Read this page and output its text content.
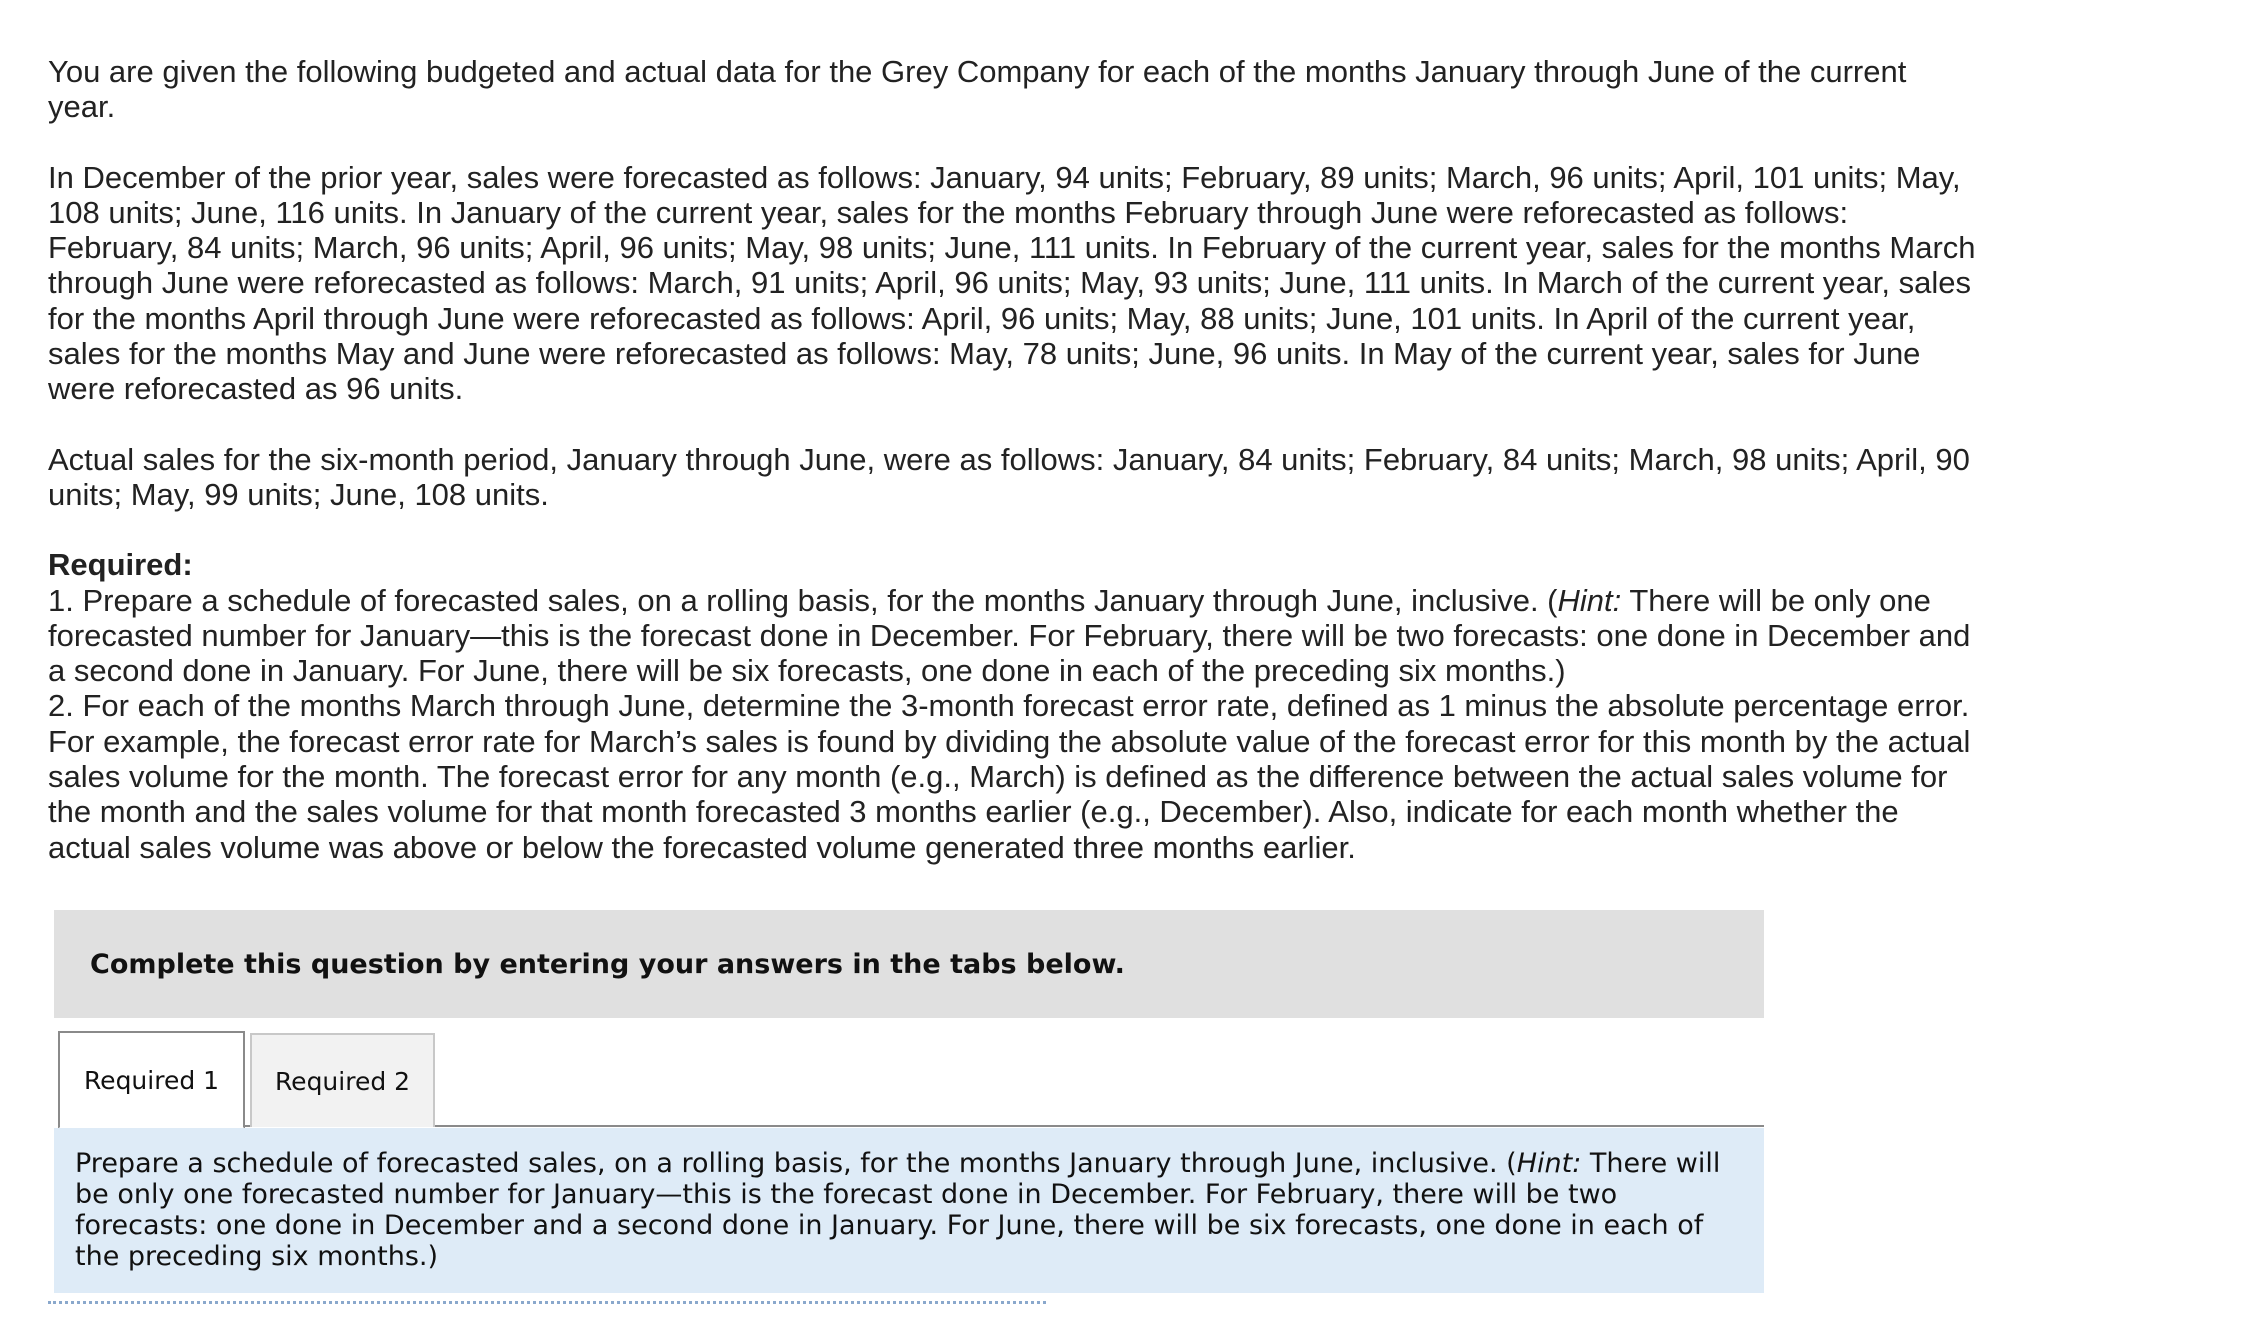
You are given the following budgeted and actual data for the Grey Company for each of the months January through June of the current year.

In December of the prior year, sales were forecasted as follows: January, 94 units; February, 89 units; March, 96 units; April, 101 units; May, 108 units; June, 116 units. In January of the current year, sales for the months February through June were reforecasted as follows: February, 84 units; March, 96 units; April, 96 units; May, 98 units; June, 111 units. In February of the current year, sales for the months March through June were reforecasted as follows: March, 91 units; April, 96 units; May, 93 units; June, 111 units. In March of the current year, sales for the months April through June were reforecasted as follows: April, 96 units; May, 88 units; June, 101 units. In April of the current year, sales for the months May and June were reforecasted as follows: May, 78 units; June, 96 units. In May of the current year, sales for June were reforecasted as 96 units.

Actual sales for the six-month period, January through June, were as follows: January, 84 units; February, 84 units; March, 98 units; April, 90 units; May, 99 units; June, 108 units.

Required:
1. Prepare a schedule of forecasted sales, on a rolling basis, for the months January through June, inclusive. (Hint: There will be only one forecasted number for January—this is the forecast done in December. For February, there will be two forecasts: one done in December and a second done in January. For June, there will be six forecasts, one done in each of the preceding six months.)
2. For each of the months March through June, determine the 3-month forecast error rate, defined as 1 minus the absolute percentage error. For example, the forecast error rate for March’s sales is found by dividing the absolute value of the forecast error for this month by the actual sales volume for the month. The forecast error for any month (e.g., March) is defined as the difference between the actual sales volume for the month and the sales volume for that month forecasted 3 months earlier (e.g., December). Also, indicate for each month whether the actual sales volume was above or below the forecasted volume generated three months earlier.
Complete this question by entering your answers in the tabs below.
Required 1 Required 2

Prepare a schedule of forecasted sales, on a rolling basis, for the months January through June, inclusive. (Hint: There will be only one forecasted number for January—this is the forecast done in December. For February, there will be two forecasts: one done in December and a second done in January. For June, there will be six forecasts, one done in each of the preceding six months.)
